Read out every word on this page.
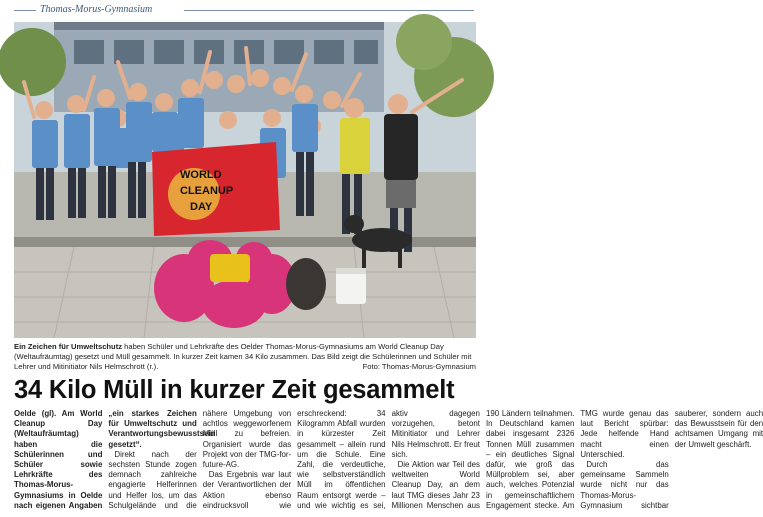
Thomas-Morus-Gymnasium
WORLD
CLEANUP
DAY
Ein Zeichen für Umweltschutz haben Schüler und Lehrkräfte des Oelder Thomas-Morus-Gymnasiums am World Cleanup Day (Weltaufräumtag) gesetzt und Müll gesammelt. In kurzer Zeit kamen 34 Kilo zusammen. Das Bild zeigt die Schülerinnen und Schüler mit Lehrer und Mitinitiator Nils Helmschrott (r.).	Foto: Thomas-Morus-Gymnasium
34 Kilo Müll in kurzer Zeit gesammelt

Oelde (gl). Am World Cleanup Day (Weltaufräumtag) haben die Schülerinnen und Schüler sowie Lehrkräfte des Thomas-Morus-Gymnasiums in Oelde nach eigenen Angaben „ein starkes Zeichen für Umweltschutz und Verantwortungsbewusstsein gesetzt“.

Direkt nach der sechsten Stunde zogen demnach zahlreiche engagierte Helferinnen und Helfer los, um das Schulgelände und die nähere Umgebung von achtlos weggeworfenem Müll zu befreien. Organisiert wurde das Projekt von der TMG-for-future-AG.

Das Ergebnis war laut der Verantwortlichen der Aktion ebenso eindrucksvoll wie erschreckend: 34 Kilogramm Abfall wurden in kürzester Zeit gesammelt – allein rund um die Schule. Eine Zahl, die verdeutliche, wie selbstverständlich Müll im öffentlichen Raum entsorgt werde – und wie wichtig es sei, aktiv dagegen vorzugehen, betont Mitinitiator und Lehrer Nils Helmschrott. Er freut sich.

Die Aktion war Teil des weltweiten World Cleanup Day, an dem laut TMG dieses Jahr 23 Millionen Menschen aus 190 Ländern teilnahmen. In Deutschland kamen dabei insgesamt 2326 Tonnen Müll zusammen – ein deutliches Signal dafür, wie groß das Müllproblem sei, aber auch, welches Potenzial in gemeinschaftlichem Engagement stecke. Am TMG wurde genau das laut Bericht spürbar: Jede helfende Hand macht einen Unterschied.

Durch das gemeinsame Sammeln wurde nicht nur das Thomas-Morus-Gymnasium sichtbar sauberer, sondern auch das Bewusstsein für den achtsamen Umgang mit der Umwelt geschärft.
